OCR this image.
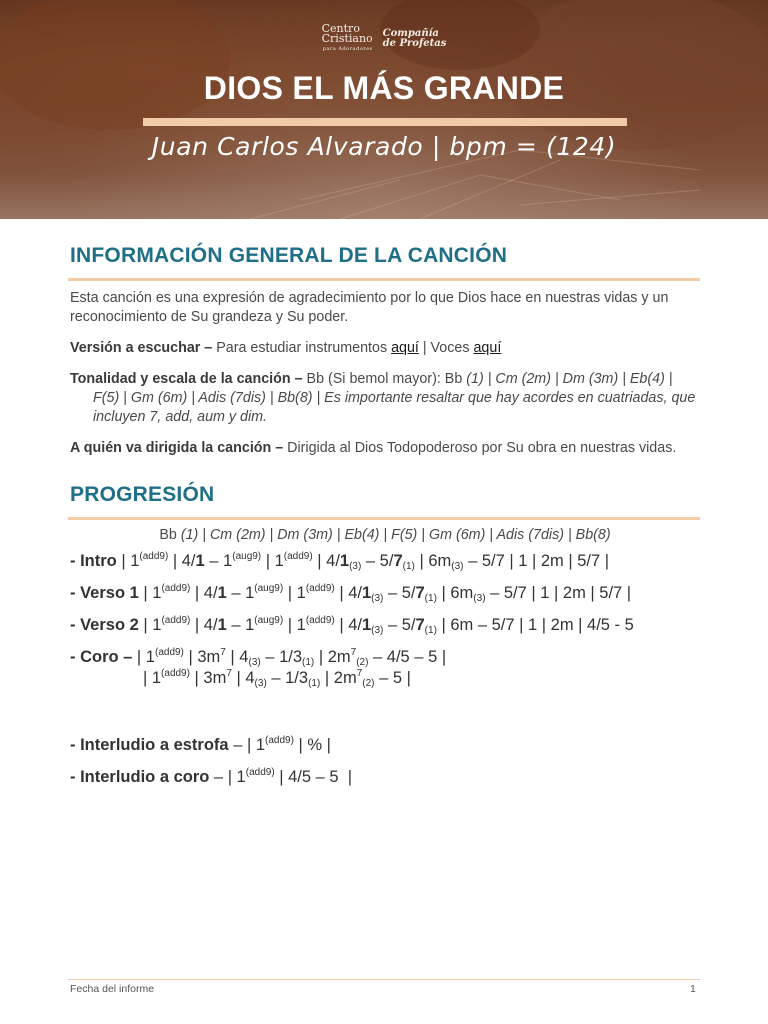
Centro
Cristiano
para Adoradores
Compañía
de Profetas
DIOS EL MÁS GRANDE
Juan Carlos Alvarado | bpm = (124)
INFORMACIÓN GENERAL DE LA CANCIÓN

Esta canción es una expresión de agradecimiento por lo que Dios hace en nuestras vidas y un reconocimiento de Su grandeza y Su poder.

Versión a escuchar – Para estudiar instrumentos aquí | Voces aquí

Tonalidad y escala de la canción – Bb (Si bemol mayor): Bb (1) | Cm (2m) | Dm (3m) | Eb(4) | F(5) | Gm (6m) | Adis (7dis) | Bb(8) | Es importante resaltar que hay acordes en cuatriadas, que incluyen 7, add, aum y dim.

A quién va dirigida la canción – Dirigida al Dios Todopoderoso por Su obra en nuestras vidas.

PROGRESIÓN

Bb (1) | Cm (2m) | Dm (3m) | Eb(4) | F(5) | Gm (6m) | Adis (7dis) | Bb(8)

- Intro | $1^{(add9)}$ | $4/1 - 1^{(aug9)}$ | $1^{(add9)}$ | $4/1_{(3)} - 5/7_{(1)}$ | $6m_{(3)} - 5/7$ | 1 | 2m | 5/7 |

- Verso 1 | $1^{(add9)}$ | $4/1 - 1^{(aug9)}$ | $1^{(add9)}$ | $4/1_{(3)} - 5/7_{(1)}$ | $6m_{(3)} - 5/7$ | 1 | 2m | 5/7 |

- Verso 2 | $1^{(add9)}$ | $4/1 - 1^{(aug9)}$ | $1^{(add9)}$ | $4/1_{(3)} - 5/7_{(1)}$ | 6m – 5/7 | 1 | 2m | 4/5 - 5

- Coro – | $1^{(add9)}$ | $3m^7$ | $4_{(3)} - 1/3_{(1)}$ | $2m^7_{(2)} - 4/5 - 5$ |

| $1^{(add9)}$ | $3m^7$ | $4_{(3)} - 1/3_{(1)}$ | $2m^7_{(2)} - 5$ |

- Interludio a estrofa – | $1^{(add9)}$ | % |

- Interludio a coro – | $1^{(add9)}$ | 4/5 – 5  |

Fecha del informe	1
